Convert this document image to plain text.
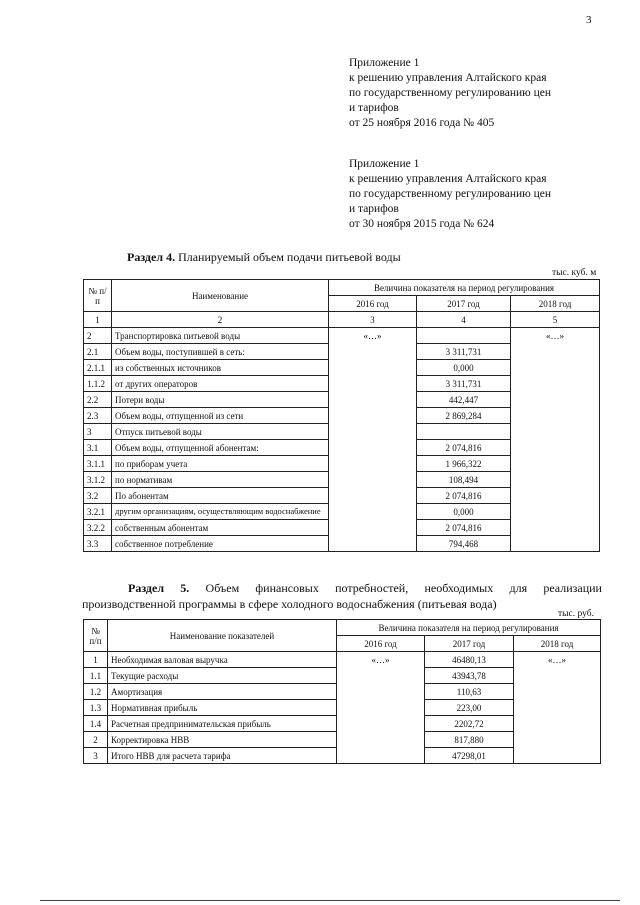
3
Приложение 1
к решению управления Алтайского края
по государственному регулированию цен
и тарифов
от 25 ноября 2016 года № 405
Приложение 1
к решению управления Алтайского края
по государственному регулированию цен
и тарифов
от 30 ноября 2015 года № 624
Раздел 4. Планируемый объем подачи питьевой воды
тыс. куб. м
№ п/п	Наименование	Величина показателя на период регулирования		
		2016 год	2017 год	2018 год
1	2	3	4	5
2	Транспортировка питьевой воды	«…»		«…»
2.1	Объем воды, поступившей в сеть:		3 311,731	
2.1.1	из собственных источников		0,000	
1.1.2	от других операторов		3 311,731	
2.2	Потери воды		442,447	
2.3	Объем воды, отпущенной из сети		2 869,284	
3	Отпуск питьевой воды			
3.1	Объем воды, отпущенной абонентам:		2 074,816	
3.1.1	по приборам учета		1 966,322	
3.1.2	по нормативам		108,494	
3.2	По абонентам		2 074,816	
3.2.1	другим организациям, осуществляющим водоснабжение		0,000	
3.2.2	собственным абонентам		2 074,816	
3.3	собственное потребление		794,468	
Раздел 5. Объем финансовых потребностей, необходимых для реализации производственной программы в сфере холодного водоснабжения (питьевая вода)
тыс. руб.
№ п/п	Наименование показателей	Величина показателя на период регулирования		
		2016 год	2017 год	2018 год
1	Необходимая валовая выручка	«…»	46480,13	«…»
1.1	Текущие расходы		43943,78	
1.2	Амортизация		110,63	
1.3	Нормативная прибыль		223,00	
1.4	Расчетная предпринимательская прибыль		2202,72	
2	Корректировка НВВ		817,880	
3	Итого НВВ для расчета тарифа		47298,01	
